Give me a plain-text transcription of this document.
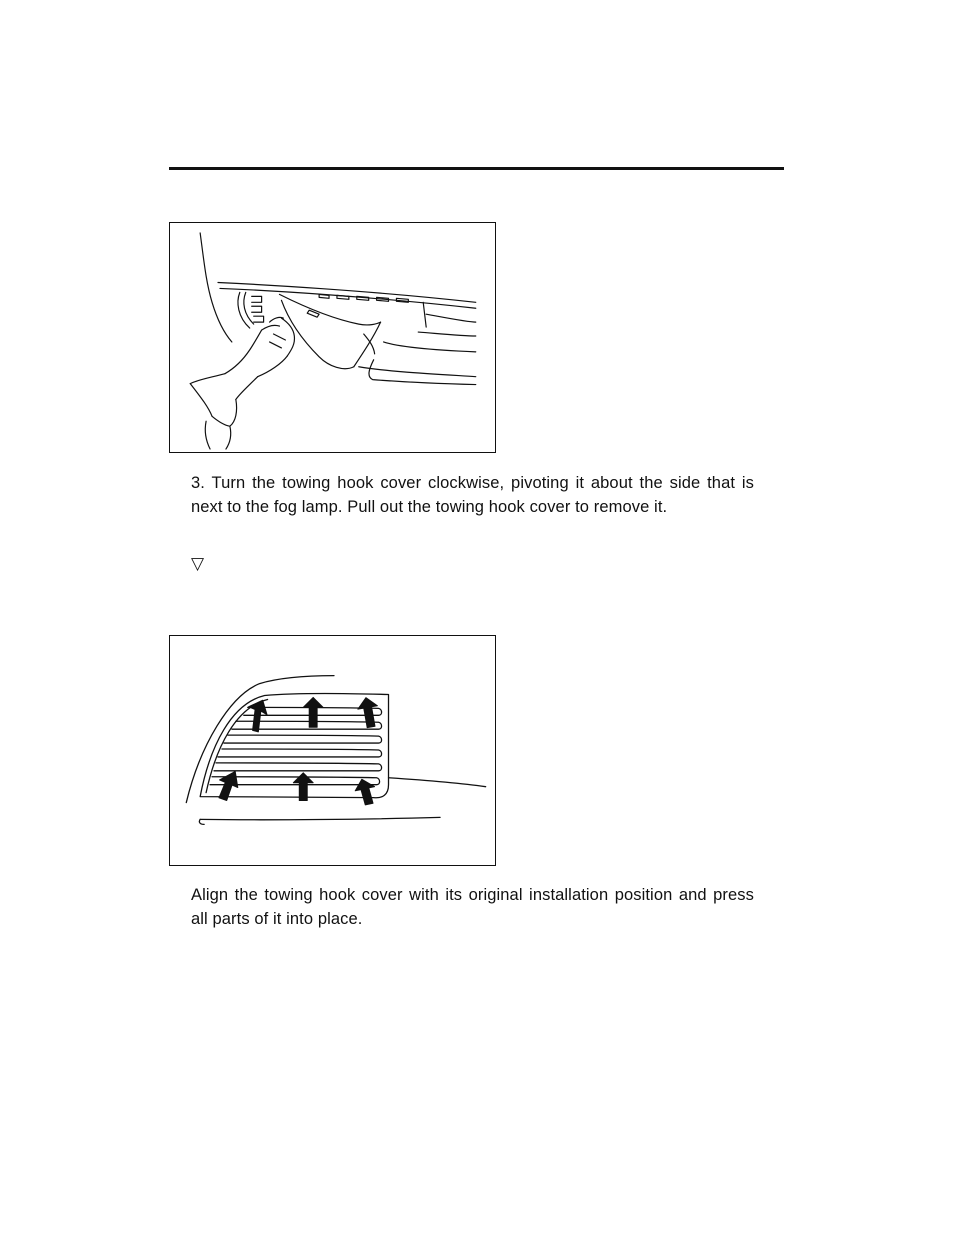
3. Turn the towing hook cover clockwise, pivoting it about the side that is next to the fog lamp. Pull out the towing hook cover to remove it.

▽

Align the towing hook cover with its original installation position and press all parts of it into place.
